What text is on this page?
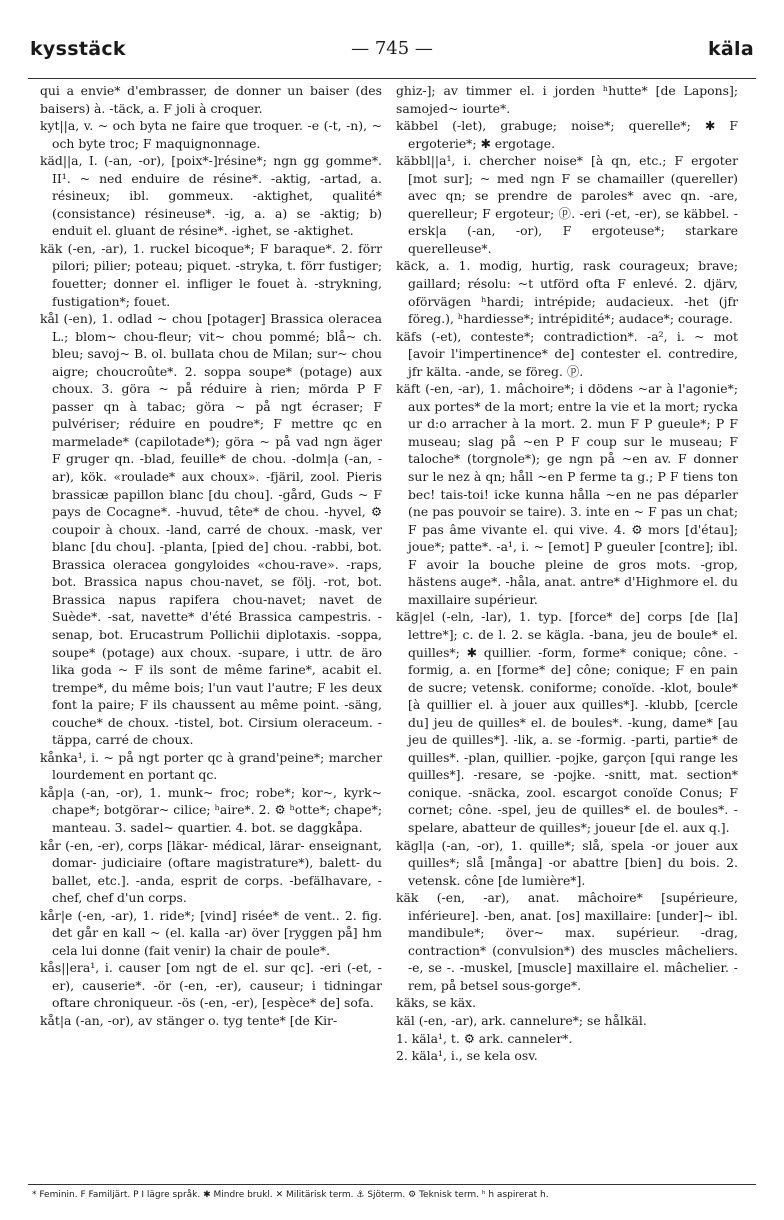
kysstäck	— 745 —	käla

qui a envie* d'embrasser, de donner un baiser (des baisers) à. -täck, a. F joli à croquer.

kyt||a, v. ~ och byta ne faire que troquer. -e (-t, -n), ~ och byte troc; F maquignonnage.

käd||a, I. (-an, -or), [poix*-]résine*; ngn gg gomme*. II¹. ~ ned enduire de résine*. -aktig, -artad, a. résineux; ibl. gommeux. -aktighet, qualité* (consistance) résineuse*. -ig, a. a) se -aktig; b) enduit el. gluant de résine*. -ighet, se -aktighet.

käk (-en, -ar), 1. ruckel bicoque*; F baraque*. 2. förr pilori; pilier; poteau; piquet. -stryka, t. förr fustiger; fouetter; donner el. infliger le fouet à. -strykning, fustigation*; fouet.

kål (-en), 1. odlad ~ chou [potager] Brassica oleracea L.; blom~ chou-fleur; vit~ chou pommé; blå~ ch. bleu; savoj~ B. ol. bullata chou de Milan; sur~ chou aigre; choucroûte*. 2. soppa soupe* (potage) aux choux. 3. göra ~ på réduire à rien; mörda P F passer qn à tabac; göra ~ på ngt écraser; F pulvériser; réduire en poudre*; F mettre qc en marmelade* (capilotade*); göra ~ på vad ngn äger F gruger qn. -blad, feuille* de chou. -dolm|a (-an, -ar), kök. «roulade* aux choux». -fjäril, zool. Pieris brassicæ papillon blanc [du chou]. -gård, Guds ~ F pays de Cocagne*. -huvud, tête* de chou. -hyvel, ⚙ coupoir à choux. -land, carré de choux. -mask, ver blanc [du chou]. -planta, [pied de] chou. -rabbi, bot. Brassica oleracea gongyloides «chou-rave». -raps, bot. Brassica napus chou-navet, se följ. -rot, bot. Brassica napus rapifera chou-navet; navet de Suède*. -sat, navette* d'été Brassica campestris. -senap, bot. Erucastrum Pollichii diplotaxis. -soppa, soupe* (potage) aux choux. -supare, i uttr. de äro lika goda ~ F ils sont de même farine*, acabit el. trempe*, du même bois; l'un vaut l'autre; F les deux font la paire; F ils chaussent au même point. -säng, couche* de choux. -tistel, bot. Cirsium oleraceum. -täppa, carré de choux.

kånka¹, i. ~ på ngt porter qc à grand'peine*; marcher lourdement en portant qc.

kåp|a (-an, -or), 1. munk~ froc; robe*; kor~, kyrk~ chape*; botgörar~ cilice; ʰaire*. 2. ⚙ ʰotte*; chape*; manteau. 3. sadel~ quartier. 4. bot. se daggkåpa.

kår (-en, -er), corps [läkar- médical, lärar- enseignant, domar- judiciaire (oftare magistrature*), balett- du ballet, etc.]. -anda, esprit de corps. -befälhavare, -chef, chef d'un corps.

kår|e (-en, -ar), 1. ride*; [vind] risée* de vent.. 2. fig. det går en kall ~ (el. kalla -ar) över [ryggen på] hm cela lui donne (fait venir) la chair de poule*.

kås||era¹, i. causer [om ngt de el. sur qc]. -eri (-et, -er), causerie*. -ör (-en, -er), causeur; i tidningar oftare chroniqueur. -ös (-en, -er), [espèce* de] sofa.

kåt|a (-an, -or), av stänger o. tyg tente* [de Kir-

ghiz-]; av timmer el. i jorden ʰhutte* [de Lapons]; samojed~ iourte*.

käbbel (-let), grabuge; noise*; querelle*; ✱ F ergoterie*; ✱ ergotage.

käbbl||a¹, i. chercher noise* [à qn, etc.; F ergoter [mot sur]; ~ med ngn F se chamailler (quereller) avec qn; se prendre de paroles* avec qn. -are, querelleur; F ergoteur; ⓟ. -eri (-et, -er), se käbbel. -ersk|a (-an, -or), F ergoteuse*; starkare querelleuse*.

käck, a. 1. modig, hurtig, rask courageux; brave; gaillard; résolu: ~t utförd ofta F enlevé. 2. djärv, oförvägen ʰhardi; intrépide; audacieux. -het (jfr föreg.), ʰhardiesse*; intrépidité*; audace*; courage.

käfs (-et), conteste*; contradiction*. -a², i. ~ mot [avoir l'impertinence* de] contester el. contredire, jfr kälta. -ande, se föreg. ⓟ.

käft (-en, -ar), 1. mâchoire*; i dödens ~ar à l'agonie*; aux portes* de la mort; entre la vie et la mort; rycka ur d:o arracher à la mort. 2. mun F P gueule*; P F museau; slag på ~en P F coup sur le museau; F taloche* (torgnole*); ge ngn på ~en av. F donner sur le nez à qn; håll ~en P ferme ta g.; P F tiens ton bec! tais-toi! icke kunna hålla ~en ne pas déparler (ne pas pouvoir se taire). 3. inte en ~ F pas un chat; F pas âme vivante el. qui vive. 4. ⚙ mors [d'étau]; joue*; patte*. -a¹, i. ~ [emot] P gueuler [contre]; ibl. F avoir la bouche pleine de gros mots. -grop, hästens auge*. -håla, anat. antre* d'Highmore el. du maxillaire supérieur.

käg|el (-eln, -lar), 1. typ. [force* de] corps [de [la] lettre*]; c. de l. 2. se kägla. -bana, jeu de boule* el. quilles*; ✱ quillier. -form, forme* conique; cône. -formig, a. en [forme* de] cône; conique; F en pain de sucre; vetensk. coniforme; conoïde. -klot, boule* [à quillier el. à jouer aux quilles*]. -klubb, [cercle du] jeu de quilles* el. de boules*. -kung, dame* [au jeu de quilles*]. -lik, a. se -formig. -parti, partie* de quilles*. -plan, quillier. -pojke, garçon [qui range les quilles*]. -resare, se -pojke. -snitt, mat. section* conique. -snäcka, zool. escargot conoïde Conus; F cornet; cône. -spel, jeu de quilles* el. de boules*. -spelare, abatteur de quilles*; joueur [de el. aux q.].

kägl|a (-an, -or), 1. quille*; slå, spela -or jouer aux quilles*; slå [många] -or abattre [bien] du bois. 2. vetensk. cône [de lumière*].

käk (-en, -ar), anat. mâchoire* [supérieure, inférieure]. -ben, anat. [os] maxillaire: [under]~ ibl. mandibule*; över~ max. supérieur. -drag, contraction* (convulsion*) des muscles mâcheliers. -e, se -. -muskel, [muscle] maxillaire el. mâchelier. -rem, på betsel sous-gorge*.

käks, se käx.

käl (-en, -ar), ark. cannelure*; se hålkäl.

1. käla¹, t. ⚙ ark. canneler*.

2. käla¹, i., se kela osv.

* Feminin. F Familjärt. P I lägre språk. ✱ Mindre brukl. ✕ Militärisk term. ⚓ Sjöterm. ⚙ Teknisk term. ʰ h aspirerat h.
